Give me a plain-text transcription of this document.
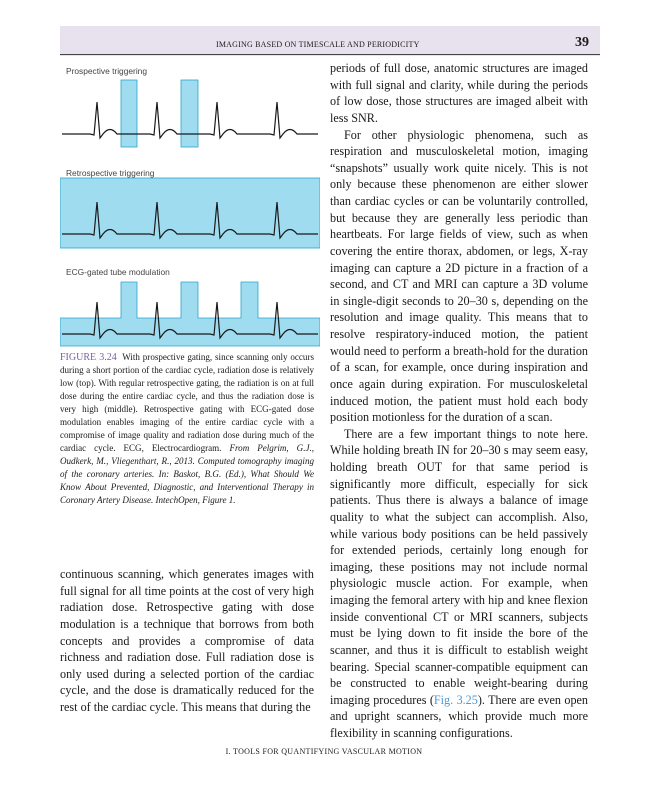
IMAGING BASED ON TIMESCALE AND PERIODICITY	39
Prospective triggering
Retrospective triggering
ECG-gated tube modulation
FIGURE 3.24 With prospective gating, since scanning only occurs during a short portion of the cardiac cycle, radiation dose is relatively low (top). With regular retrospective gating, the radiation is on at full dose during the entire cardiac cycle, and thus the radiation dose is very high (middle). Retrospective gating with ECG-gated dose modulation enables imaging of the entire cardiac cycle with a compromise of image quality and radiation dose during much of the cardiac cycle. ECG, Electrocardiogram. From Pelgrim, G.J., Oudkerk, M., Vliegenthart, R., 2013. Computed tomography imaging of the coronary arteries. In: Baskot, B.G. (Ed.), What Should We Know About Prevented, Diagnostic, and Interventional Therapy in Coronary Artery Disease. IntechOpen, Figure 1.

continuous scanning, which generates images with full signal for all time points at the cost of very high radiation dose. Retrospective gating with dose modulation is a technique that borrows from both concepts and provides a compromise of data richness and radiation dose. Full radiation dose is only used during a selected portion of the cardiac cycle, and the dose is dramatically reduced for the rest of the cardiac cycle. This means that during the

periods of full dose, anatomic structures are imaged with full signal and clarity, while during the periods of low dose, those structures are imaged albeit with less SNR.

For other physiologic phenomena, such as respiration and musculoskeletal motion, imaging “snapshots” usually work quite nicely. This is not only because these phenomenon are either slower than cardiac cycles or can be voluntarily controlled, but because they are generally less periodic than heartbeats. For large fields of view, such as when covering the entire thorax, abdomen, or legs, X-ray imaging can capture a 2D picture in a fraction of a second, and CT and MRI can capture a 3D volume in single-digit seconds to 20–30 s, depending on the resolution and image quality. This means that to resolve respiratory-induced motion, the patient would need to perform a breath-hold for the duration of a scan, for example, once during inspiration and once again during expiration. For musculoskeletal induced motion, the patient must hold each body position motionless for the duration of a scan.

There are a few important things to note here. While holding breath IN for 20–30 s may seem easy, holding breath OUT for that same period is significantly more difficult, especially for sick patients. Thus there is always a balance of image quality to what the subject can accomplish. Also, while various body positions can be held passively for extended periods, certainly long enough for imaging, these positions may not include normal physiologic muscle action. For example, when imaging the femoral artery with hip and knee flexion inside conventional CT or MRI scanners, subjects must be lying down to fit inside the bore of the scanner, and thus it is difficult to establish weight bearing. Special scanner-compatible equipment can be constructed to enable weight-bearing during imaging procedures (Fig. 3.25). There are even open and upright scanners, which provide much more flexibility in scanning configurations.

I. TOOLS FOR QUANTIFYING VASCULAR MOTION
